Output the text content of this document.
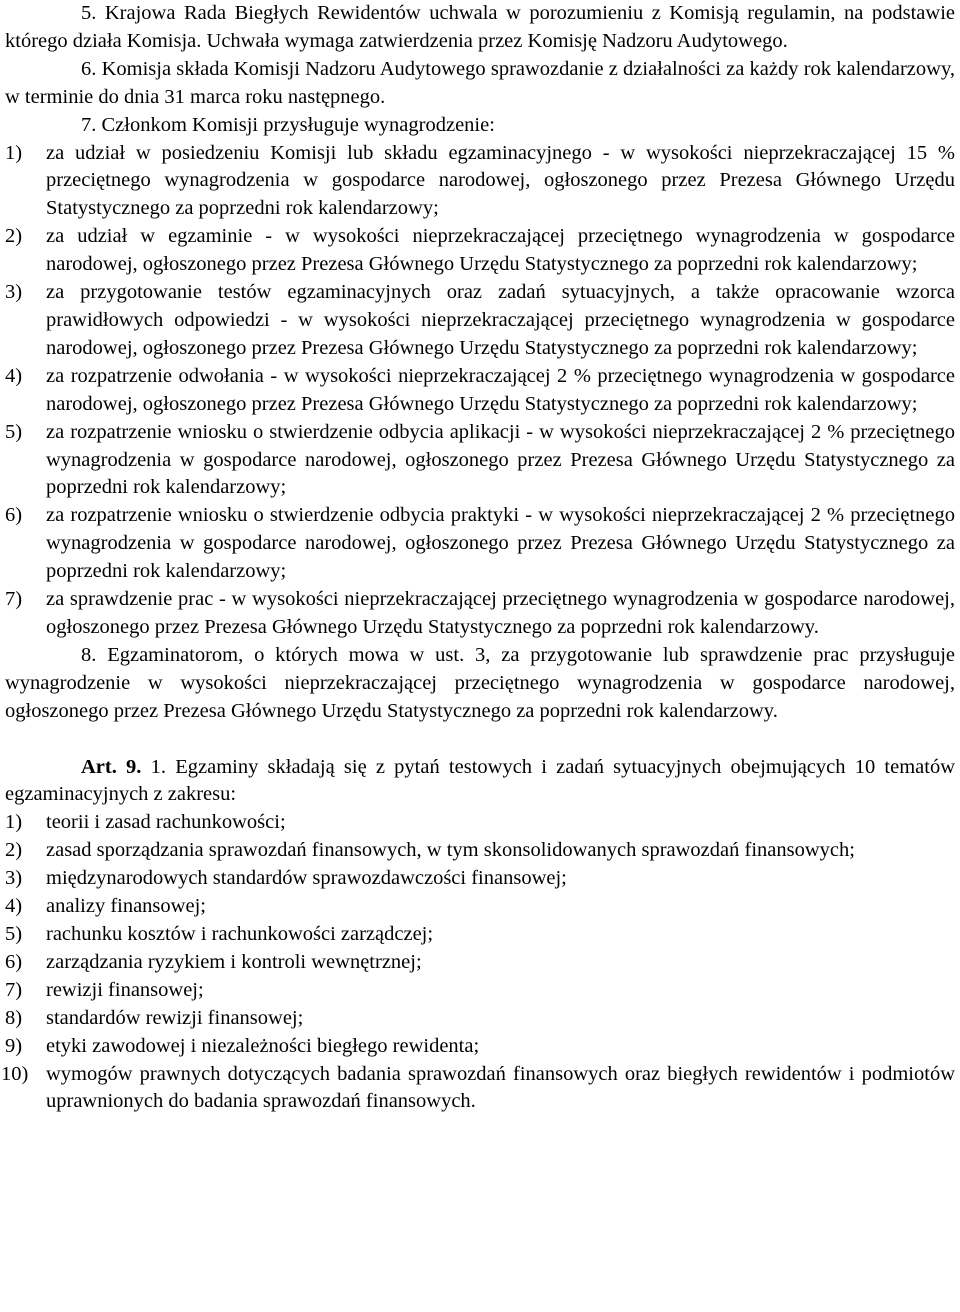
5. Krajowa Rada Biegłych Rewidentów uchwala w porozumieniu z Komisją regulamin, na podstawie którego działa Komisja. Uchwała wymaga zatwierdzenia przez Komisję Nadzoru Audytowego.

6. Komisja składa Komisji Nadzoru Audytowego sprawozdanie z działalności za każdy rok kalendarzowy, w terminie do dnia 31 marca roku następnego.

7. Członkom Komisji przysługuje wynagrodzenie:

1)	za udział w posiedzeniu Komisji lub składu egzaminacyjnego - w wysokości nieprzekraczającej 15 % przeciętnego wynagrodzenia w gospodarce narodowej, ogłoszonego przez Prezesa Głównego Urzędu Statystycznego za poprzedni rok kalendarzowy;
2)	za udział w egzaminie - w wysokości nieprzekraczającej przeciętnego wynagrodzenia w gospodarce narodowej, ogłoszonego przez Prezesa Głównego Urzędu Statystycznego za poprzedni rok kalendarzowy;
3)	za przygotowanie testów egzaminacyjnych oraz zadań sytuacyjnych, a także opracowanie wzorca prawidłowych odpowiedzi - w wysokości nieprzekraczającej przeciętnego wynagrodzenia w gospodarce narodowej, ogłoszonego przez Prezesa Głównego Urzędu Statystycznego za poprzedni rok kalendarzowy;
4)	za rozpatrzenie odwołania - w wysokości nieprzekraczającej 2 % przeciętnego wynagrodzenia w gospodarce narodowej, ogłoszonego przez Prezesa Głównego Urzędu Statystycznego za poprzedni rok kalendarzowy;
5)	za rozpatrzenie wniosku o stwierdzenie odbycia aplikacji - w wysokości nieprzekraczającej 2 % przeciętnego wynagrodzenia w gospodarce narodowej, ogłoszonego przez Prezesa Głównego Urzędu Statystycznego za poprzedni rok kalendarzowy;
6)	za rozpatrzenie wniosku o stwierdzenie odbycia praktyki - w wysokości nieprzekraczającej 2 % przeciętnego wynagrodzenia w gospodarce narodowej, ogłoszonego przez Prezesa Głównego Urzędu Statystycznego za poprzedni rok kalendarzowy;
7)	za sprawdzenie prac - w wysokości nieprzekraczającej przeciętnego wynagrodzenia w gospodarce narodowej, ogłoszonego przez Prezesa Głównego Urzędu Statystycznego za poprzedni rok kalendarzowy.

8. Egzaminatorom, o których mowa w ust. 3, za przygotowanie lub sprawdzenie prac przysługuje wynagrodzenie w wysokości nieprzekraczającej przeciętnego wynagrodzenia w gospodarce narodowej, ogłoszonego przez Prezesa Głównego Urzędu Statystycznego za poprzedni rok kalendarzowy.

Art. 9. 1. Egzaminy składają się z pytań testowych i zadań sytuacyjnych obejmujących 10 tematów egzaminacyjnych z zakresu:

1)	teorii i zasad rachunkowości;
2)	zasad sporządzania sprawozdań finansowych, w tym skonsolidowanych sprawozdań finansowych;
3)	międzynarodowych standardów sprawozdawczości finansowej;
4)	analizy finansowej;
5)	rachunku kosztów i rachunkowości zarządczej;
6)	zarządzania ryzykiem i kontroli wewnętrznej;
7)	rewizji finansowej;
8)	standardów rewizji finansowej;
9)	etyki zawodowej i niezależności biegłego rewidenta;
10) wymogów prawnych dotyczących badania sprawozdań finansowych oraz biegłych rewidentów i podmiotów uprawnionych do badania sprawozdań finansowych.
